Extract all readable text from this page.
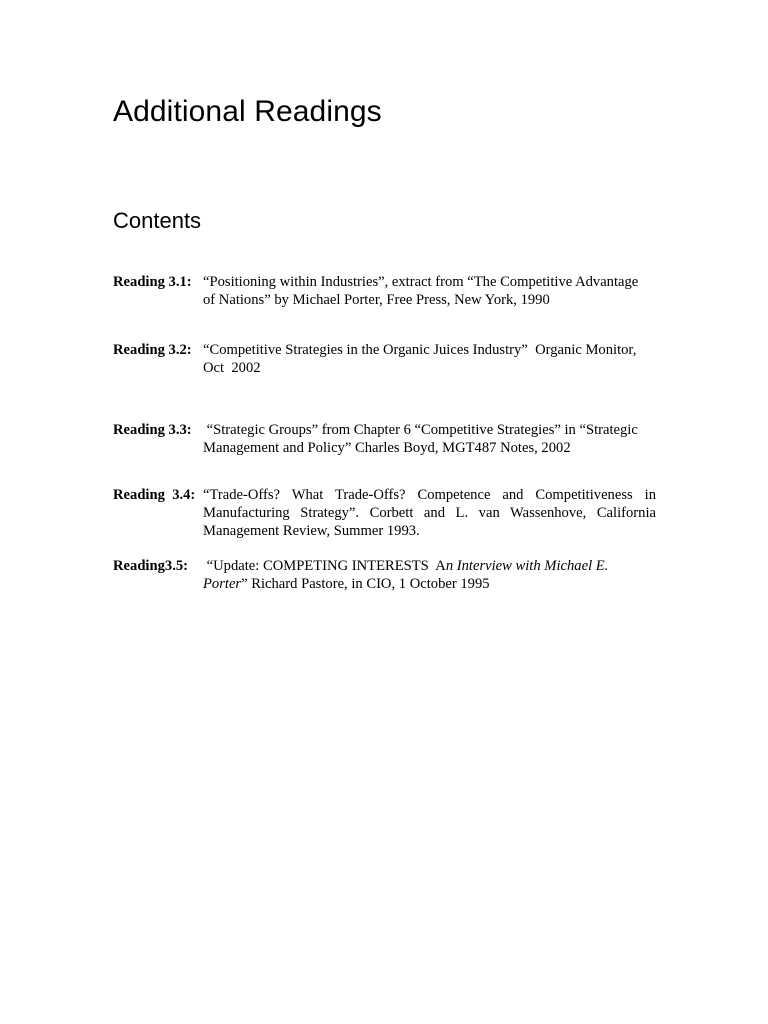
Additional Readings
Contents
Reading 3.1: “Positioning within Industries”, extract from “The Competitive Advantage
of Nations” by Michael Porter, Free Press, New York, 1990
Reading 3.2: “Competitive Strategies in the Organic Juices Industry”  Organic Monitor,
Oct  2002
Reading 3.3: “Strategic Groups” from Chapter 6 “Competitive Strategies” in “Strategic
Management and Policy” Charles Boyd, MGT487 Notes, 2002
Reading  3.4: “Trade-Offs? What Trade-Offs? Competence and Competitiveness in Manufacturing Strategy”. Corbett and L. van Wassenhove, California Management Review, Summer 1993.
Reading3.5: “Update: COMPETING INTERESTS  An Interview with Michael E.
Porter” Richard Pastore, in CIO, 1 October 1995
